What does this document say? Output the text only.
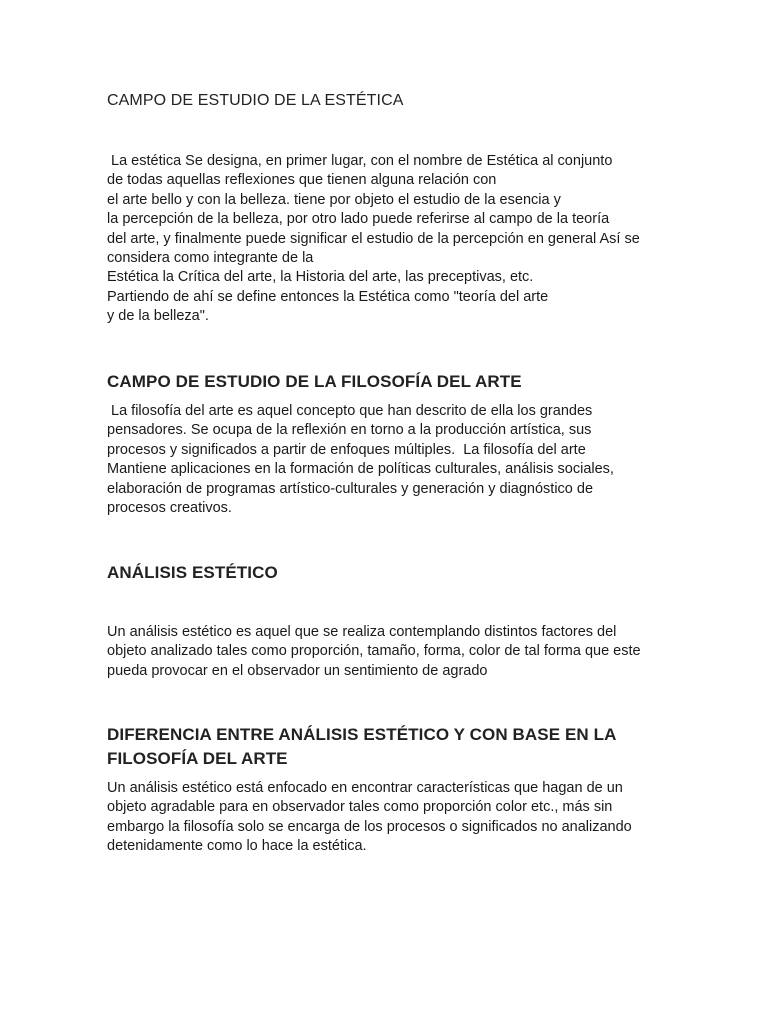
CAMPO DE ESTUDIO DE LA ESTÉTICA
La estética Se designa, en primer lugar, con el nombre de Estética al conjunto
de todas aquellas reflexiones que tienen alguna relación con
el arte bello y con la belleza. tiene por objeto el estudio de la esencia y
la percepción de la belleza, por otro lado puede referirse al campo de la teoría
del arte, y finalmente puede significar el estudio de la percepción en general Así se
considera como integrante de la
Estética la Crítica del arte, la Historia del arte, las preceptivas, etc.
Partiendo de ahí se define entonces la Estética como "teoría del arte
y de la belleza".
CAMPO DE ESTUDIO DE LA FILOSOFÍA DEL ARTE
La filosofía del arte es aquel concepto que han descrito de ella los grandes
pensadores. Se ocupa de la reflexión en torno a la producción artística, sus
procesos y significados a partir de enfoques múltiples.  La filosofía del arte
Mantiene aplicaciones en la formación de políticas culturales, análisis sociales,
elaboración de programas artístico-culturales y generación y diagnóstico de
procesos creativos.
ANÁLISIS ESTÉTICO
Un análisis estético es aquel que se realiza contemplando distintos factores del
objeto analizado tales como proporción, tamaño, forma, color de tal forma que este
pueda provocar en el observador un sentimiento de agrado
DIFERENCIA ENTRE ANÁLISIS ESTÉTICO Y CON BASE EN LA
FILOSOFÍA DEL ARTE
Un análisis estético está enfocado en encontrar características que hagan de un
objeto agradable para en observador tales como proporción color etc., más sin
embargo la filosofía solo se encarga de los procesos o significados no analizando
detenidamente como lo hace la estética.
